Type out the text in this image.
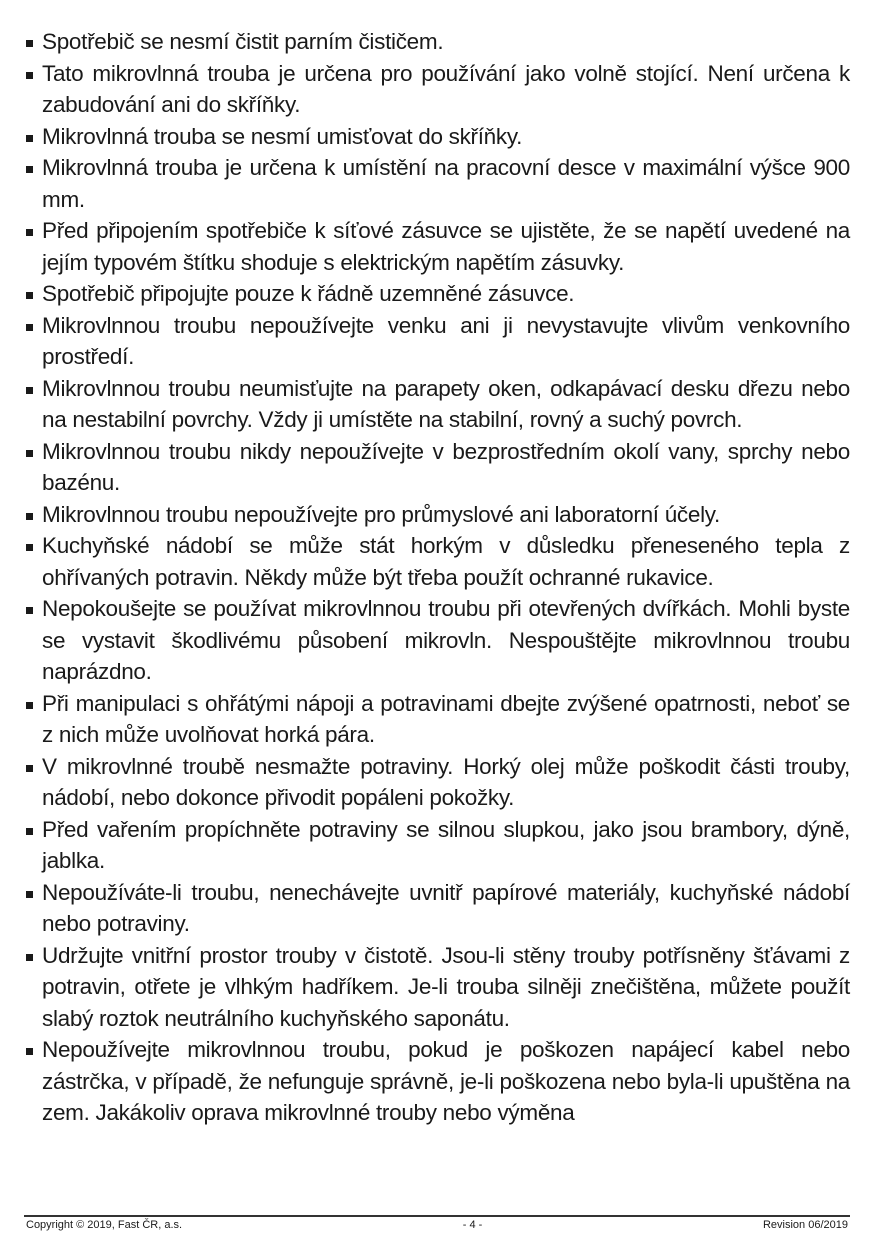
Spotřebič se nesmí čistit parním čističem.
Tato mikrovlnná trouba je určena pro používání jako volně stojící. Není určena k zabudování ani do skříňky.
Mikrovlnná trouba se nesmí umisťovat do skříňky.
Mikrovlnná trouba je určena k umístění na pracovní desce v maximální výšce 900 mm.
Před připojením spotřebiče k síťové zásuvce se ujistěte, že se napětí uvedené na jejím typovém štítku shoduje s elektrickým napětím zásuvky.
Spotřebič připojujte pouze k řádně uzemněné zásuvce.
Mikrovlnnou troubu nepoužívejte venku ani ji nevystavujte vlivům venkovního prostředí.
Mikrovlnnou troubu neumisťujte na parapety oken, odkapávací desku dřezu nebo na nestabilní povrchy. Vždy ji umístěte na stabilní, rovný a suchý povrch.
Mikrovlnnou troubu nikdy nepoužívejte v bezprostředním okolí vany, sprchy nebo bazénu.
Mikrovlnnou troubu nepoužívejte pro průmyslové ani laboratorní účely.
Kuchyňské nádobí se může stát horkým v důsledku přeneseného tepla z ohřívaných potravin. Někdy může být třeba použít ochranné rukavice.
Nepokoušejte se používat mikrovlnnou troubu při otevřených dvířkách. Mohli byste se vystavit škodlivému působení mikrovln. Nespouštějte mikrovlnnou troubu naprázdno.
Při manipulaci s ohřátými nápoji a potravinami dbejte zvýšené opatrnosti, neboť se z nich může uvolňovat horká pára.
V mikrovlnné troubě nesmažte potraviny. Horký olej může poškodit části trouby, nádobí, nebo dokonce přivodit popáleni pokožky.
Před vařením propíchněte potraviny se silnou slupkou, jako jsou brambory, dýně, jablka.
Nepoužíváte-li troubu, nenechávejte uvnitř papírové materiály, kuchyňské nádobí nebo potraviny.
Udržujte vnitřní prostor trouby v čistotě. Jsou-li stěny trouby potřísněny šťávami z potravin, otřete je vlhkým hadříkem. Je-li trouba silněji znečištěna, můžete použít slabý roztok neutrálního kuchyňského saponátu.
Nepoužívejte mikrovlnnou troubu, pokud je poškozen napájecí kabel nebo zástrčka, v případě, že nefunguje správně, je-li poškozena nebo byla-li upuštěna na zem. Jakákoliv oprava mikrovlnné trouby nebo výměna
Copyright © 2019, Fast ČR, a.s.	- 4 -	Revision 06/2019
